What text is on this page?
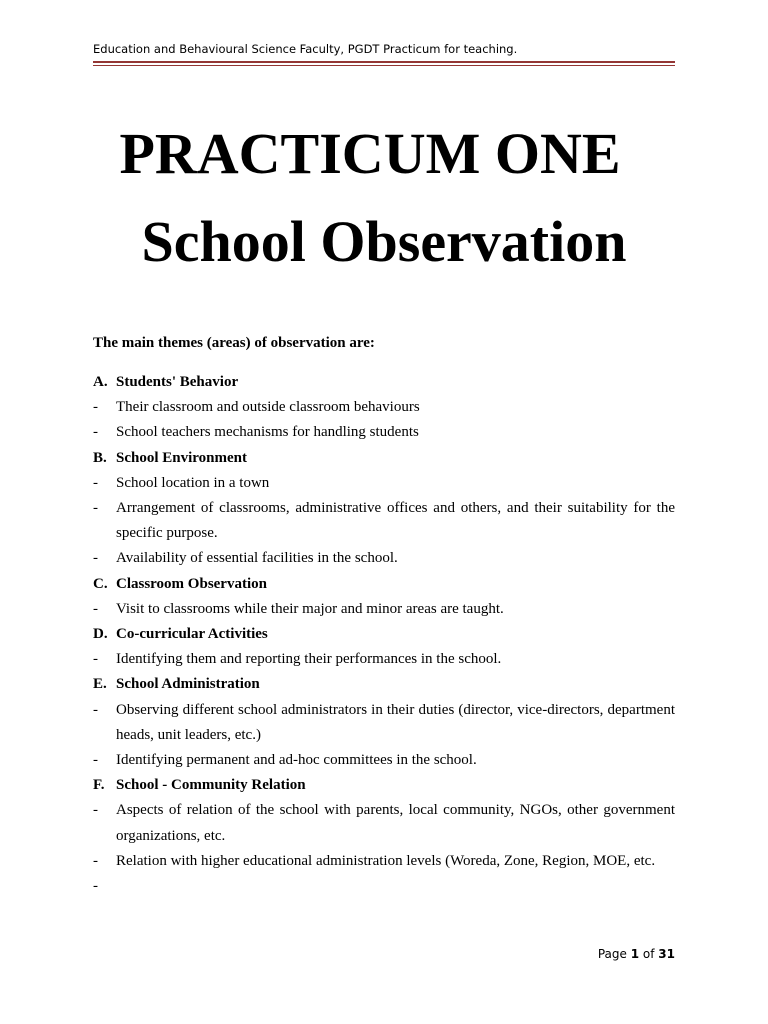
Education and Behavioural Science Faculty, PGDT Practicum for teaching.
PRACTICUM ONE
School Observation
The main themes (areas) of observation are:
A. Students' Behavior
- Their classroom and outside classroom behaviours
- School teachers mechanisms for handling students
B. School Environment
- School location in a town
- Arrangement of classrooms, administrative offices and others, and their suitability for the specific purpose.
- Availability of essential facilities in the school.
C. Classroom Observation
- Visit to classrooms while their major and minor areas are taught.
D. Co-curricular Activities
- Identifying them and reporting their performances in the school.
E. School Administration
- Observing different school administrators in their duties (director, vice-directors, department heads, unit leaders, etc.)
- Identifying permanent and ad-hoc committees in the school.
F. School - Community Relation
- Aspects of relation of the school with parents, local community, NGOs, other government organizations, etc.
- Relation with higher educational administration levels (Woreda, Zone, Region, MOE, etc.
-

Page 1 of 31
